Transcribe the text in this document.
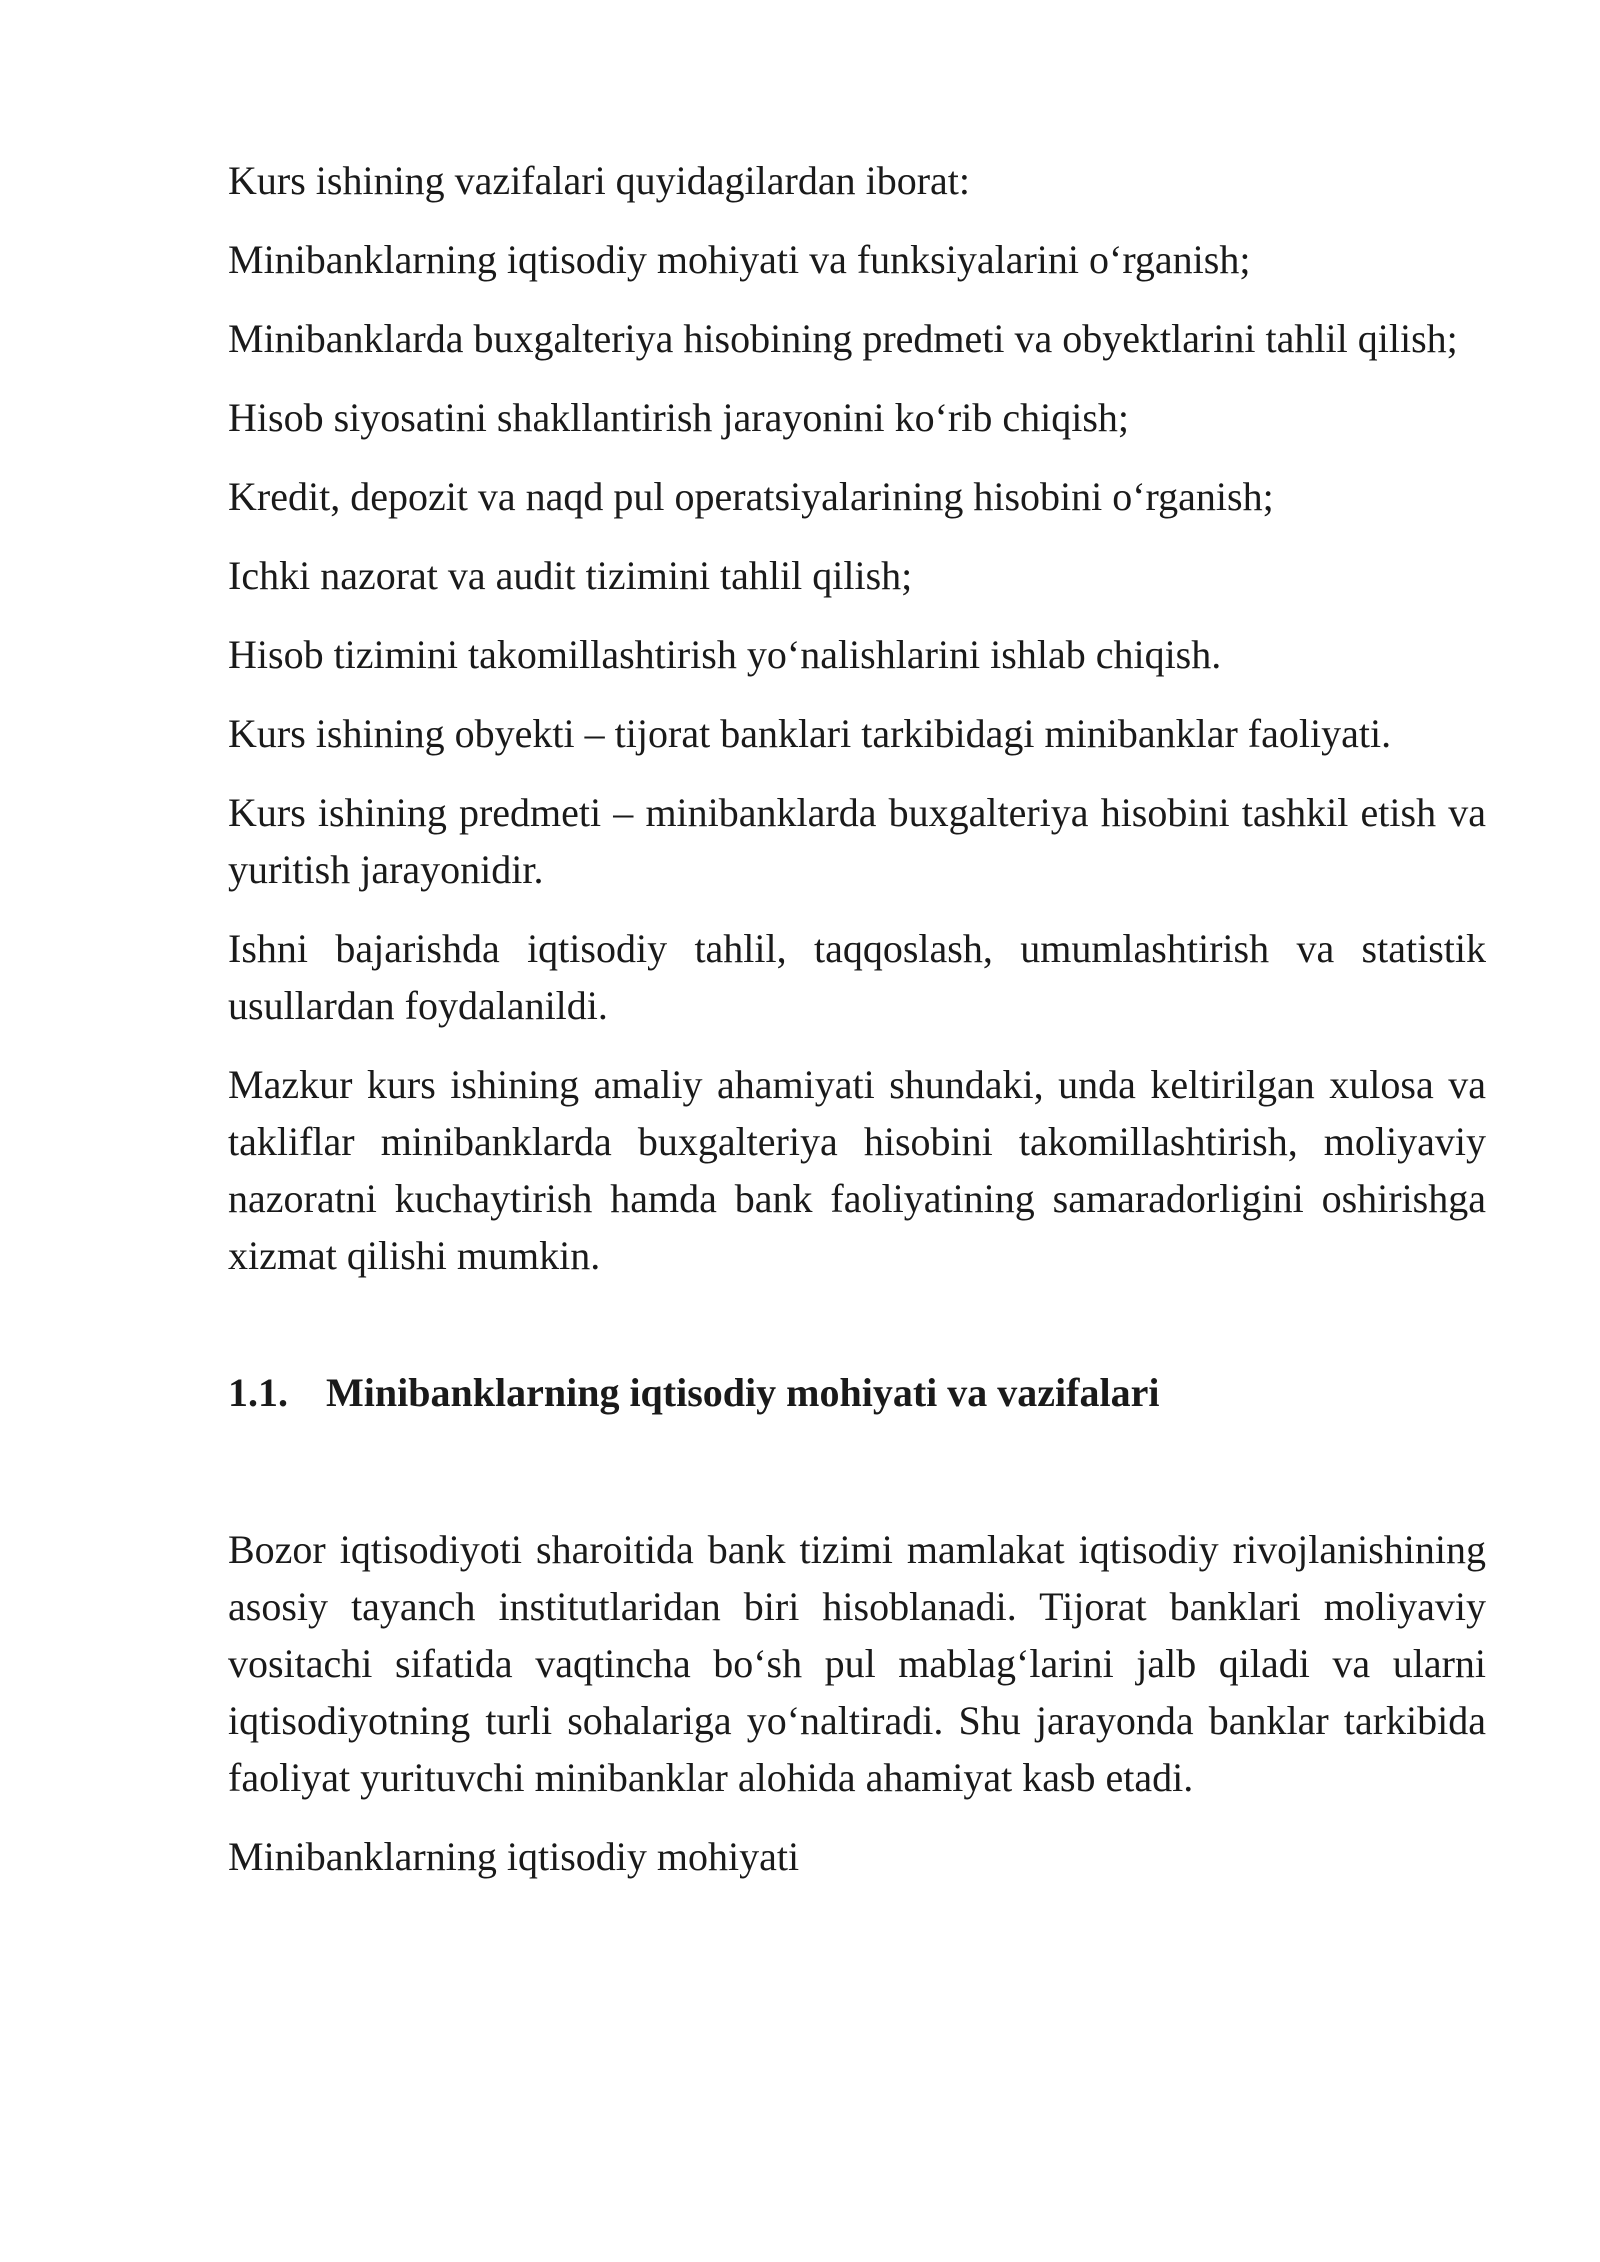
Kurs ishining vazifalari quyidagilardan iborat:

Minibanklarning iqtisodiy mohiyati va funksiyalarini o‘rganish;

Minibanklarda buxgalteriya hisobining predmeti va obyektlarini tahlil qilish;

Hisob siyosatini shakllantirish jarayonini ko‘rib chiqish;

Kredit, depozit va naqd pul operatsiyalarining hisobini o‘rganish;

Ichki nazorat va audit tizimini tahlil qilish;

Hisob tizimini takomillashtirish yo‘nalishlarini ishlab chiqish.

Kurs ishining obyekti – tijorat banklari tarkibidagi minibanklar faoliyati.

Kurs ishining predmeti – minibanklarda buxgalteriya hisobini tashkil etish va yuritish jarayonidir.

Ishni bajarishda iqtisodiy tahlil, taqqoslash, umumlashtirish va statistik usullardan foydalanildi.

Mazkur kurs ishining amaliy ahamiyati shundaki, unda keltirilgan xulosa va takliflar minibanklarda buxgalteriya hisobini takomillashtirish, moliyaviy nazoratni kuchaytirish hamda bank faoliyatining samaradorligini oshirishga xizmat qilishi mumkin.

1.1. Minibanklarning iqtisodiy mohiyati va vazifalari

Bozor iqtisodiyoti sharoitida bank tizimi mamlakat iqtisodiy rivojlanishining asosiy tayanch institutlaridan biri hisoblanadi. Tijorat banklari moliyaviy vositachi sifatida vaqtincha bo‘sh pul mablag‘larini jalb qiladi va ularni iqtisodiyotning turli sohalariga yo‘naltiradi. Shu jarayonda banklar tarkibida faoliyat yurituvchi minibanklar alohida ahamiyat kasb etadi.

Minibanklarning iqtisodiy mohiyati
